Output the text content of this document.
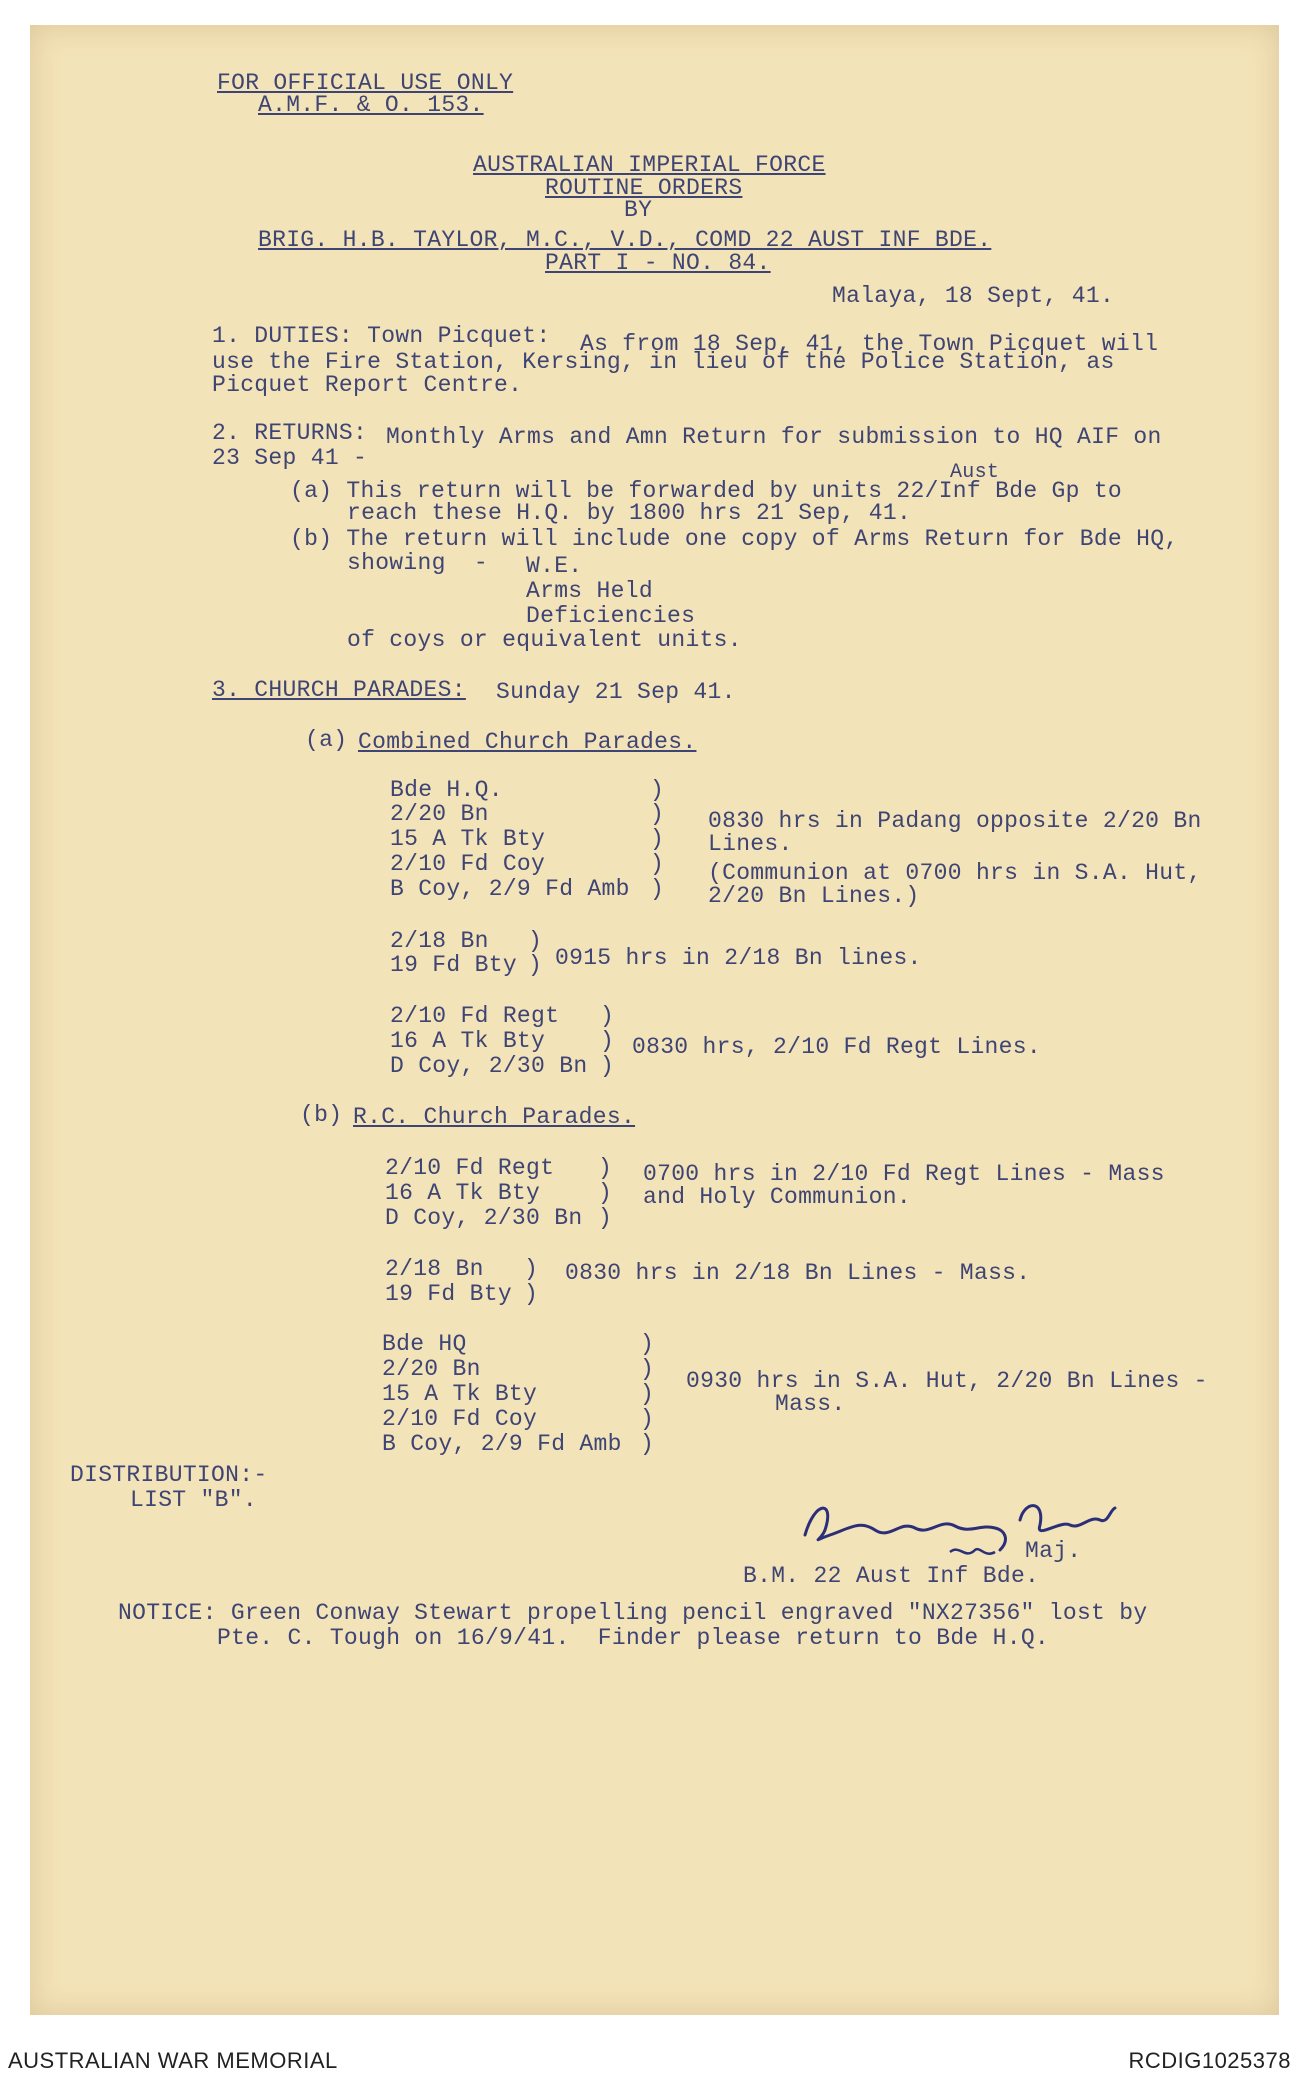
FOR OFFICIAL USE ONLY
A.M.F. & O. 153.
AUSTRALIAN IMPERIAL FORCE
ROUTINE ORDERS
BY
BRIG. H.B. TAYLOR, M.C., V.D., COMD 22 AUST INF BDE.
PART I - NO. 84.
Malaya, 18 Sept, 41.
1. DUTIES: Town Picquet: As from 18 Sep, 41, the Town Picquet will
use the Fire Station, Kersing, in lieu of the Police Station, as
Picquet Report Centre.
2. RETURNS: Monthly Arms and Amn Return for submission to HQ AIF on
23 Sep 41 -
Aust
(a) This return will be forwarded by units 22/Inf Bde Gp to
reach these H.Q. by 1800 hrs 21 Sep, 41.
(b) The return will include one copy of Arms Return for Bde HQ,
showing  - W.E.
Arms Held
Deficiencies
of coys or equivalent units.
3. CHURCH PARADES: Sunday 21 Sep 41.
(a) Combined Church Parades.
Bde H.Q.
2/20 Bn
15 A Tk Bty
2/10 Fd Coy
B Coy, 2/9 Fd Amb
)
)
)
)
)
0830 hrs in Padang opposite 2/20 Bn
Lines.
(Communion at 0700 hrs in S.A. Hut,
2/20 Bn Lines.)
2/18 Bn
19 Fd Bty
)
) 0915 hrs in 2/18 Bn lines.
2/10 Fd Regt
16 A Tk Bty
D Coy, 2/30 Bn
)
)
)
0830 hrs, 2/10 Fd Regt Lines.
(b) R.C. Church Parades.
2/10 Fd Regt
16 A Tk Bty
D Coy, 2/30 Bn
)
)
)
0700 hrs in 2/10 Fd Regt Lines - Mass
and Holy Communion.
2/18 Bn
19 Fd Bty
)
)
0830 hrs in 2/18 Bn Lines - Mass.
Bde HQ
2/20 Bn
15 A Tk Bty
2/10 Fd Coy
B Coy, 2/9 Fd Amb
)
)
)
)
)
0930 hrs in S.A. Hut, 2/20 Bn Lines -
Mass.
DISTRIBUTION:-
LIST "B".
Maj.
B.M. 22 Aust Inf Bde.
NOTICE: Green Conway Stewart propelling pencil engraved "NX27356" lost by
Pte. C. Tough on 16/9/41.  Finder please return to Bde H.Q.
AUSTRALIAN WAR MEMORIAL	RCDIG1025378
